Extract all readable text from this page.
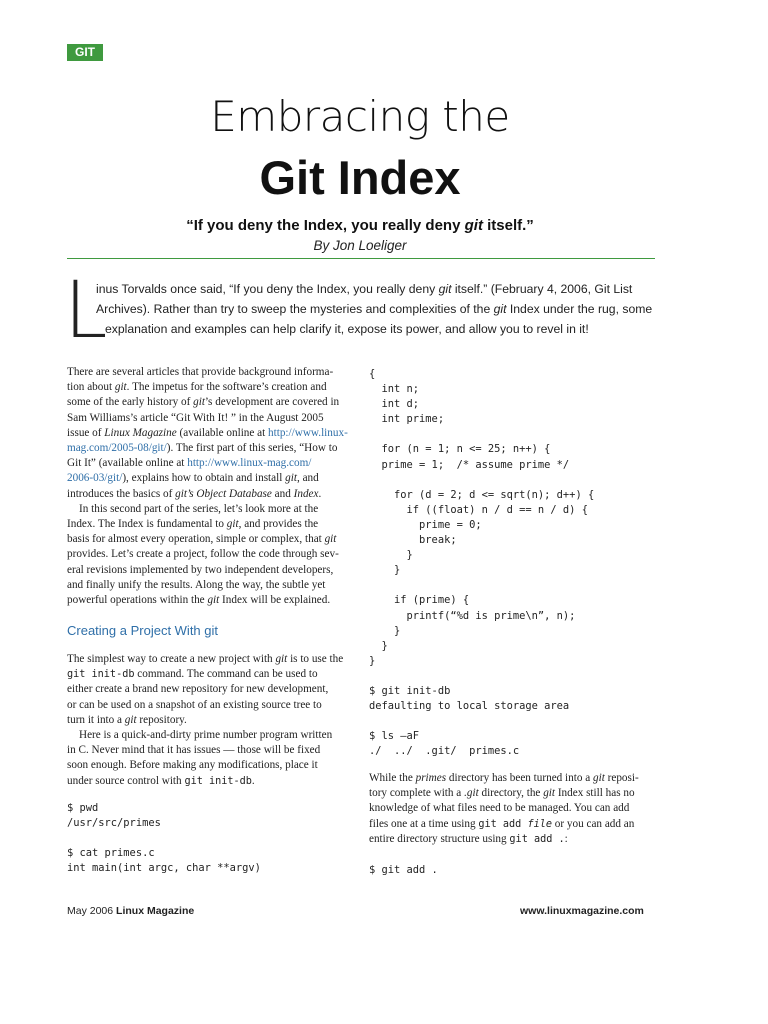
GIT
Embracing the
Git Index
“If you deny the Index, you really deny git itself.”
By Jon Loeliger
L
inus Torvalds once said, “If you deny the Index, you really deny git itself.” (February 4, 2006, Git List
Archives). Rather than try to sweep the mysteries and complexities of the git Index under the rug, some
explanation and examples can help clarify it, expose its power, and allow you to revel in it!

There are several articles that provide background informa-
tion about git. The impetus for the software’s creation and
some of the early history of git’s development are covered in
Sam Williams’s article “Git With It! ” in the August 2005
issue of Linux Magazine (available online at http://www.linux-
mag.com/2005-08/git/). The first part of this series, “How to
Git It” (available online at http://www.linux-mag.com/
2006-03/git/), explains how to obtain and install git, and
introduces the basics of git’s Object Database and Index.

In this second part of the series, let’s look more at the
Index. The Index is fundamental to git, and provides the
basis for almost every operation, simple or complex, that git
provides. Let’s create a project, follow the code through sev-
eral revisions implemented by two independent developers,
and finally unify the results. Along the way, the subtle yet
powerful operations within the git Index will be explained.

Creating a Project With git

The simplest way to create a new project with git is to use the
git init-db command. The command can be used to
either create a brand new repository for new development,
or can be used on a snapshot of an existing source tree to
turn it into a git repository.

Here is a quick-and-dirty prime number program written
in C. Never mind that it has issues — those will be fixed
soon enough. Before making any modifications, place it
under source control with git init-db.

$ pwd
/usr/src/primes

$ cat primes.c
int main(int argc, char **argv)
{
int n;
int d;
int prime;

for (n = 1; n <= 25; n++) {
prime = 1;  /* assume prime */

for (d = 2; d <= sqrt(n); d++) {
if ((float) n / d == n / d) {
prime = 0;
break;
}
}

if (prime) {
printf(“%d is prime\n”, n);
}
}
}

$ git init-db
defaulting to local storage area

$ ls –aF
./  ../  .git/  primes.c

While the primes directory has been turned into a git reposi-
tory complete with a .git directory, the git Index still has no
knowledge of what files need to be managed. You can add
files one at a time using git add file or you can add an
entire directory structure using git add .:

$ git add .
May 2006 Linux Magazine	www.linuxmagazine.com
